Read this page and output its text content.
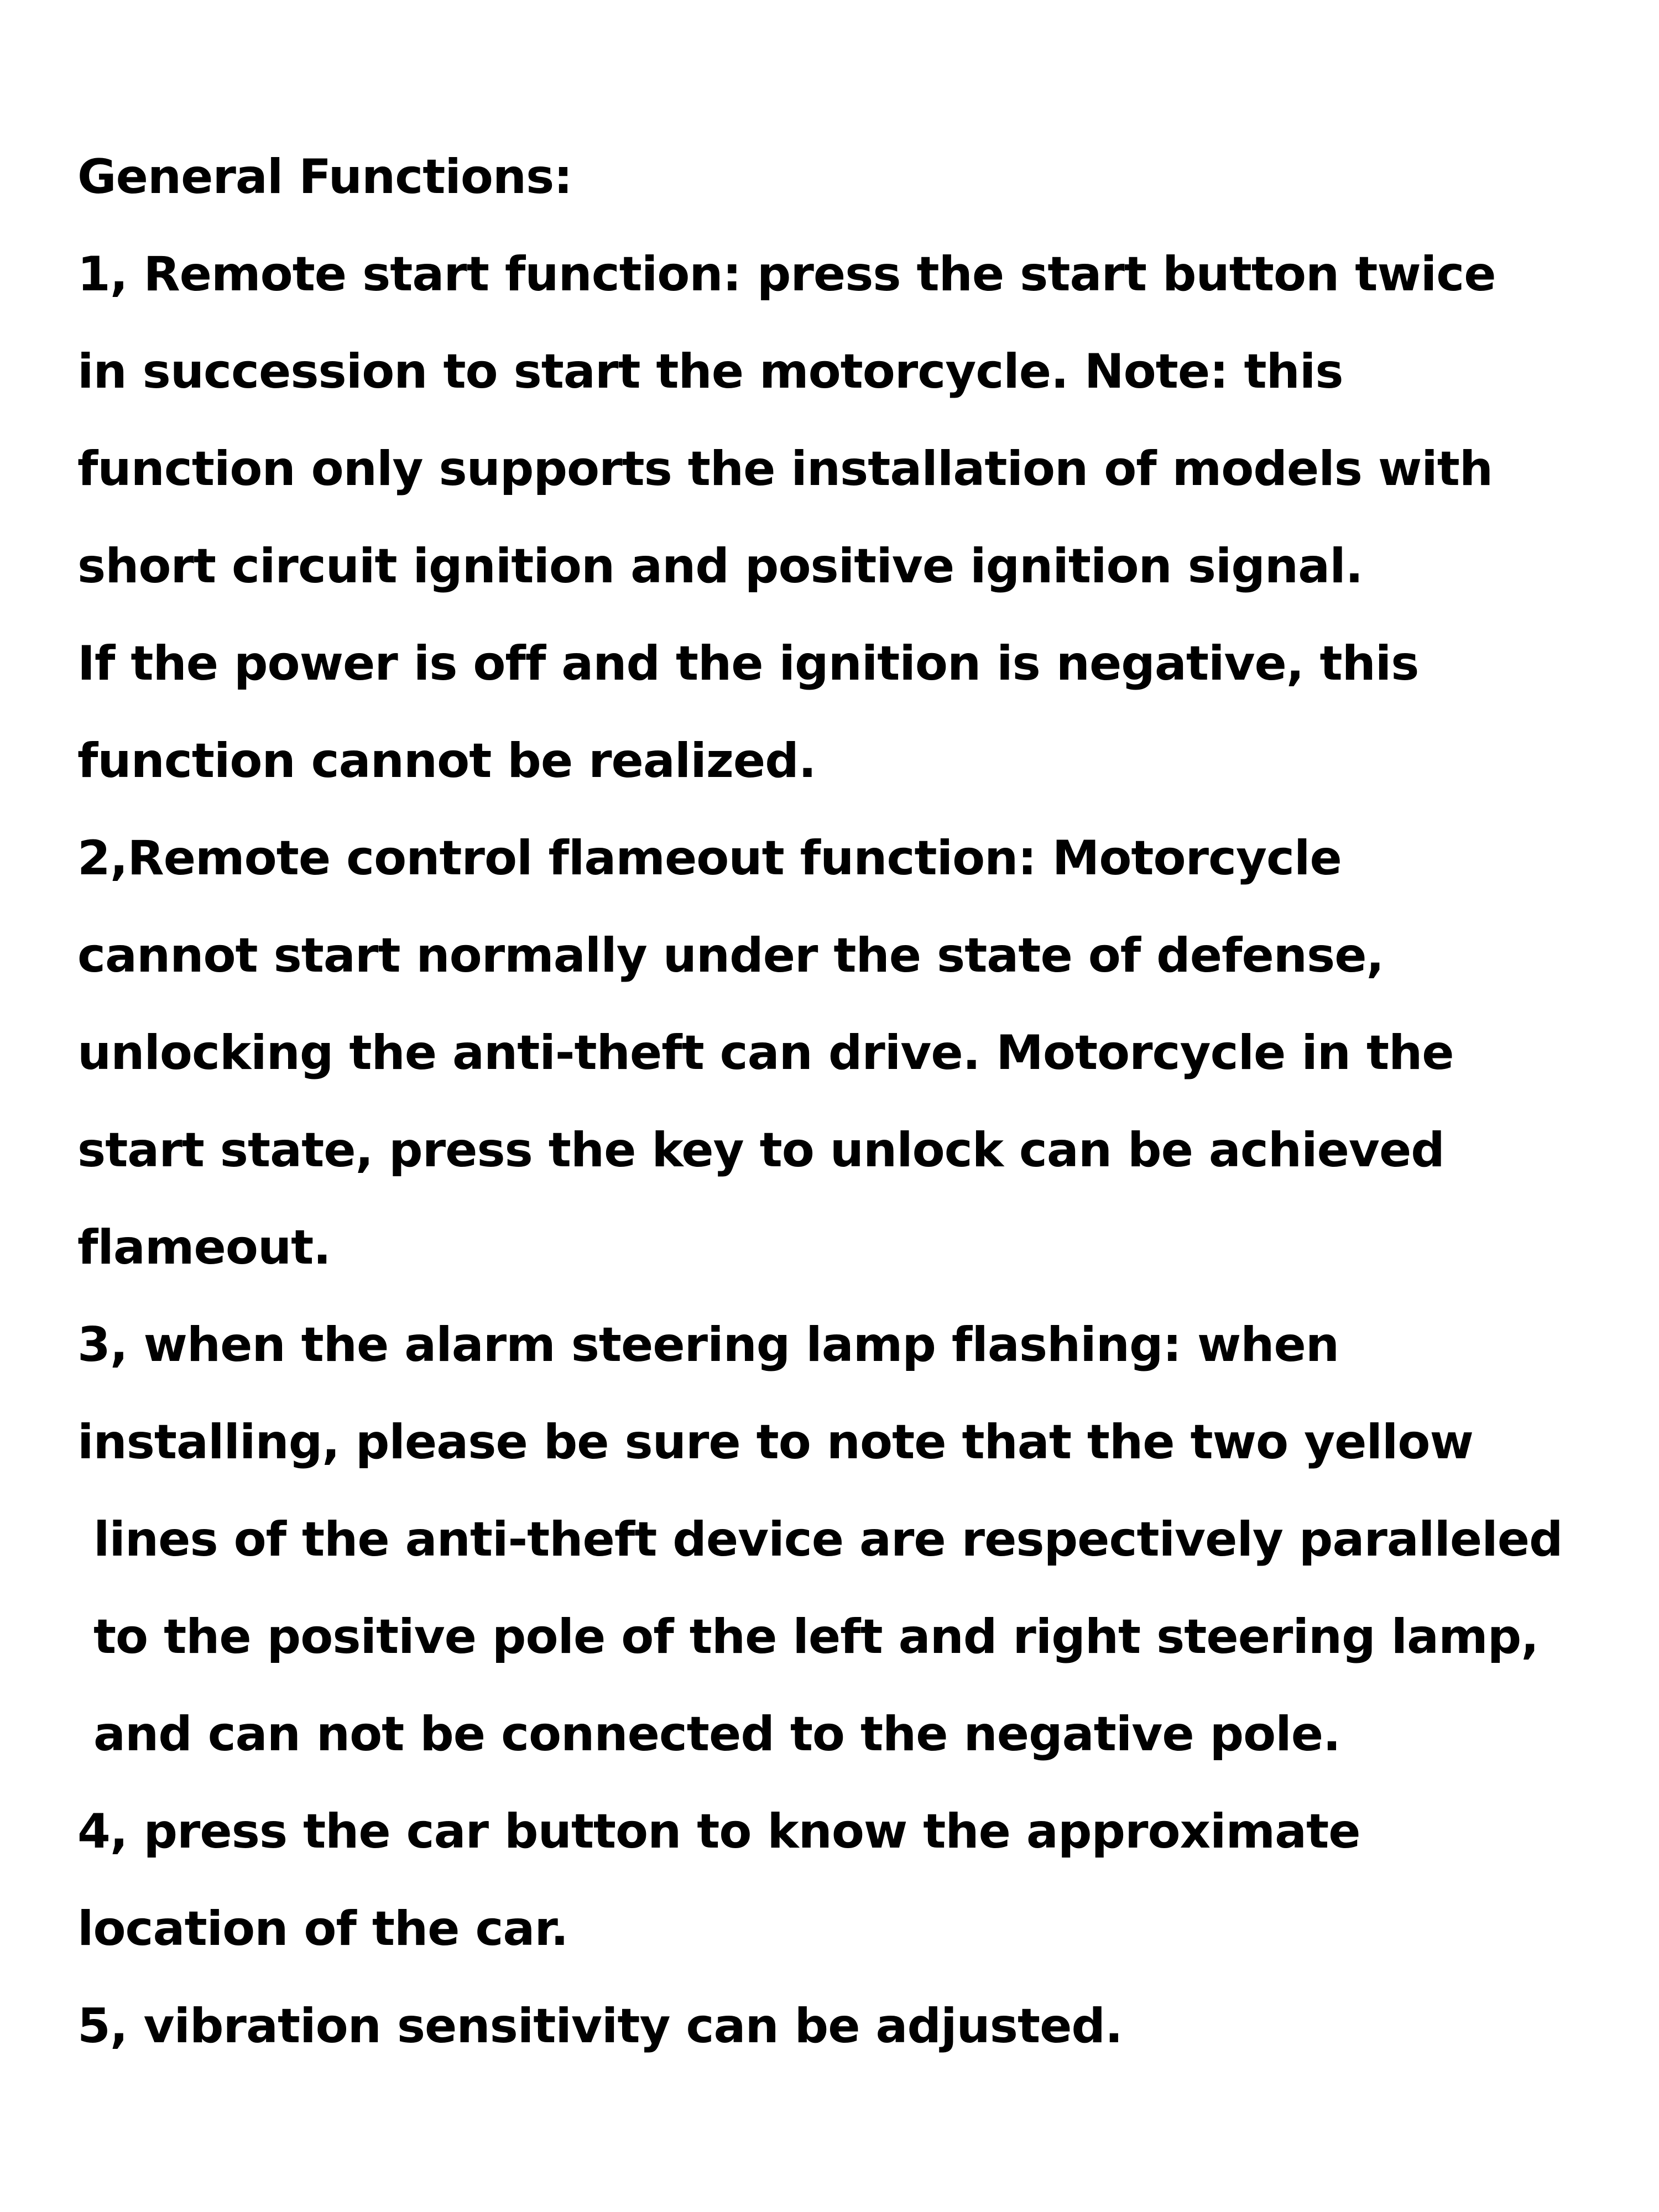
General Functions:
1, Remote start function: press the start button twice
in succession to start the motorcycle. Note: this
function only supports the installation of models with
short circuit ignition and positive ignition signal.
If the power is off and the ignition is negative, this
function cannot be realized.
2,Remote control flameout function: Motorcycle
cannot start normally under the state of defense,
unlocking the anti-theft can drive. Motorcycle in the
start state, press the key to unlock can be achieved
flameout.
3, when the alarm steering lamp flashing: when
installing, please be sure to note that the two yellow
lines of the anti-theft device are respectively paralleled
to the positive pole of the left and right steering lamp,
and can not be connected to the negative pole.
4, press the car button to know the approximate
location of the car.
5, vibration sensitivity can be adjusted.
